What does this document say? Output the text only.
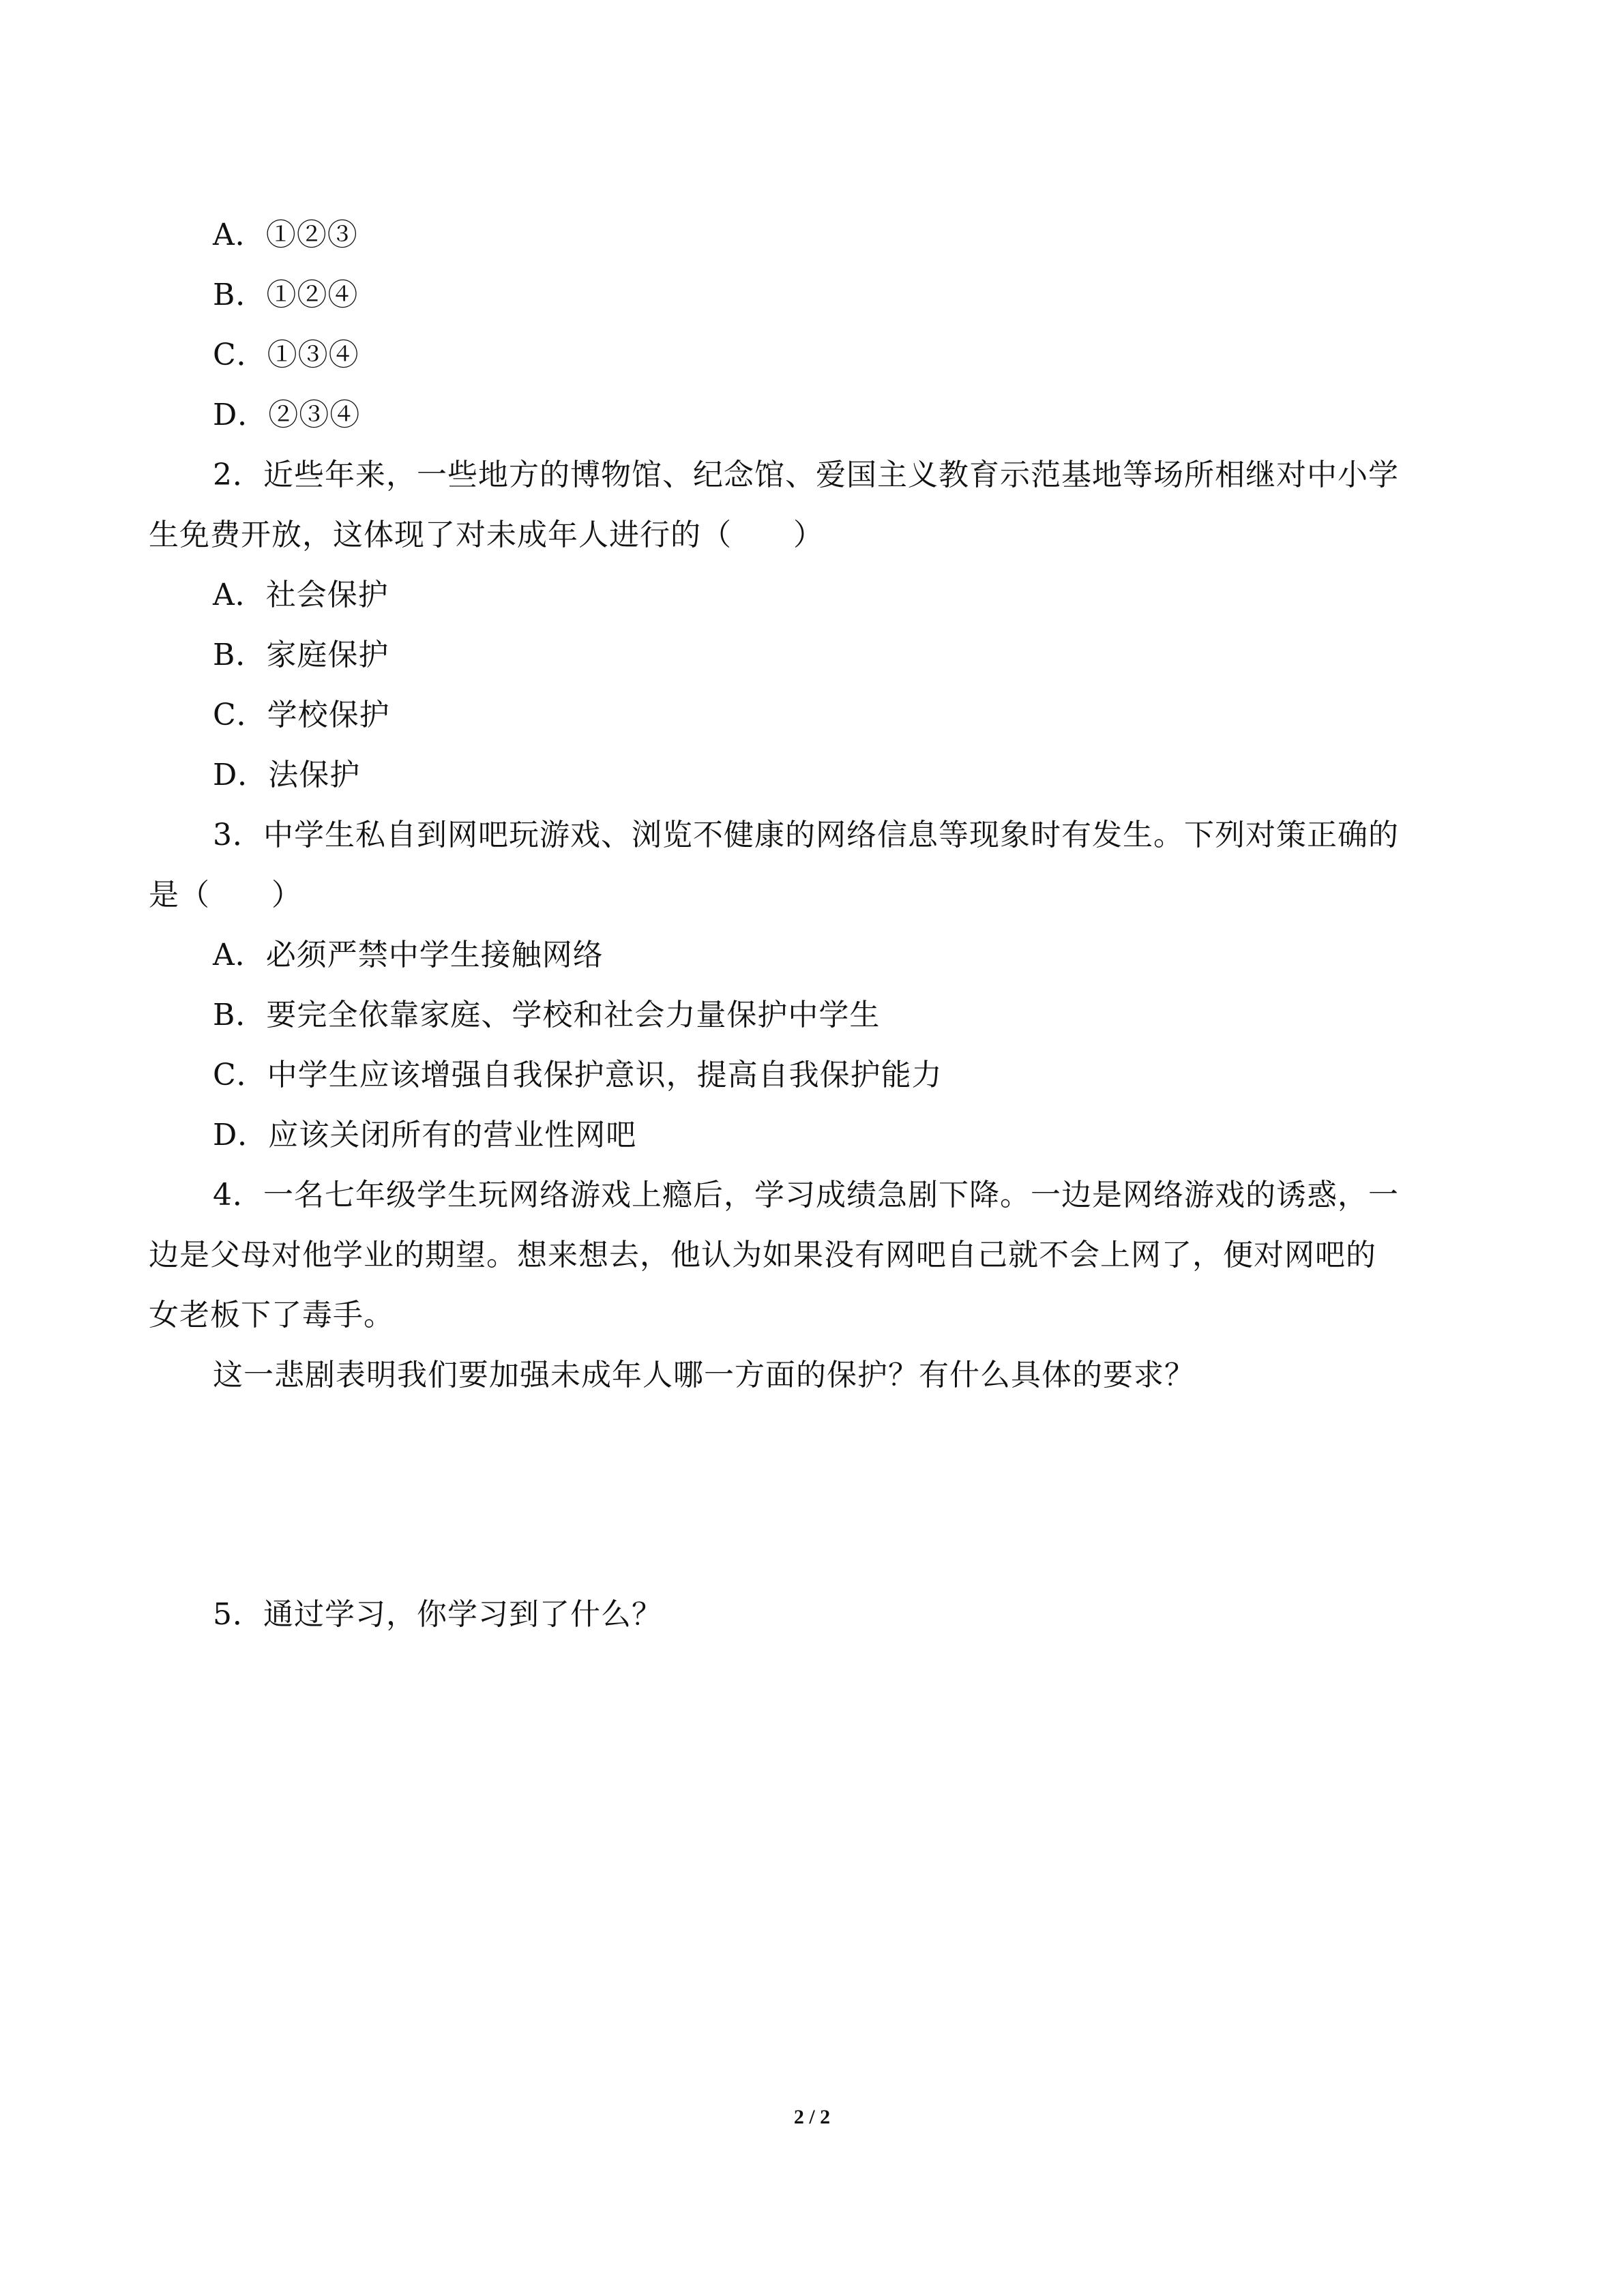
A．①②③
B．①②④
C．①③④
D．②③④
2．近些年来，一些地方的博物馆、纪念馆、爱国主义教育示范基地等场所相继对中小学
生免费开放，这体现了对未成年人进行的（　　）
A．社会保护
B．家庭保护
C．学校保护
D．法保护
3．中学生私自到网吧玩游戏、浏览不健康的网络信息等现象时有发生。下列对策正确的
是（　　）
A．必须严禁中学生接触网络
B．要完全依靠家庭、学校和社会力量保护中学生
C．中学生应该增强自我保护意识，提高自我保护能力
D．应该关闭所有的营业性网吧
4．一名七年级学生玩网络游戏上瘾后，学习成绩急剧下降。一边是网络游戏的诱惑，一
边是父母对他学业的期望。想来想去，他认为如果没有网吧自己就不会上网了，便对网吧的
女老板下了毒手。
这一悲剧表明我们要加强未成年人哪一方面的保护？有什么具体的要求？
5．通过学习，你学习到了什么？
2 / 2
